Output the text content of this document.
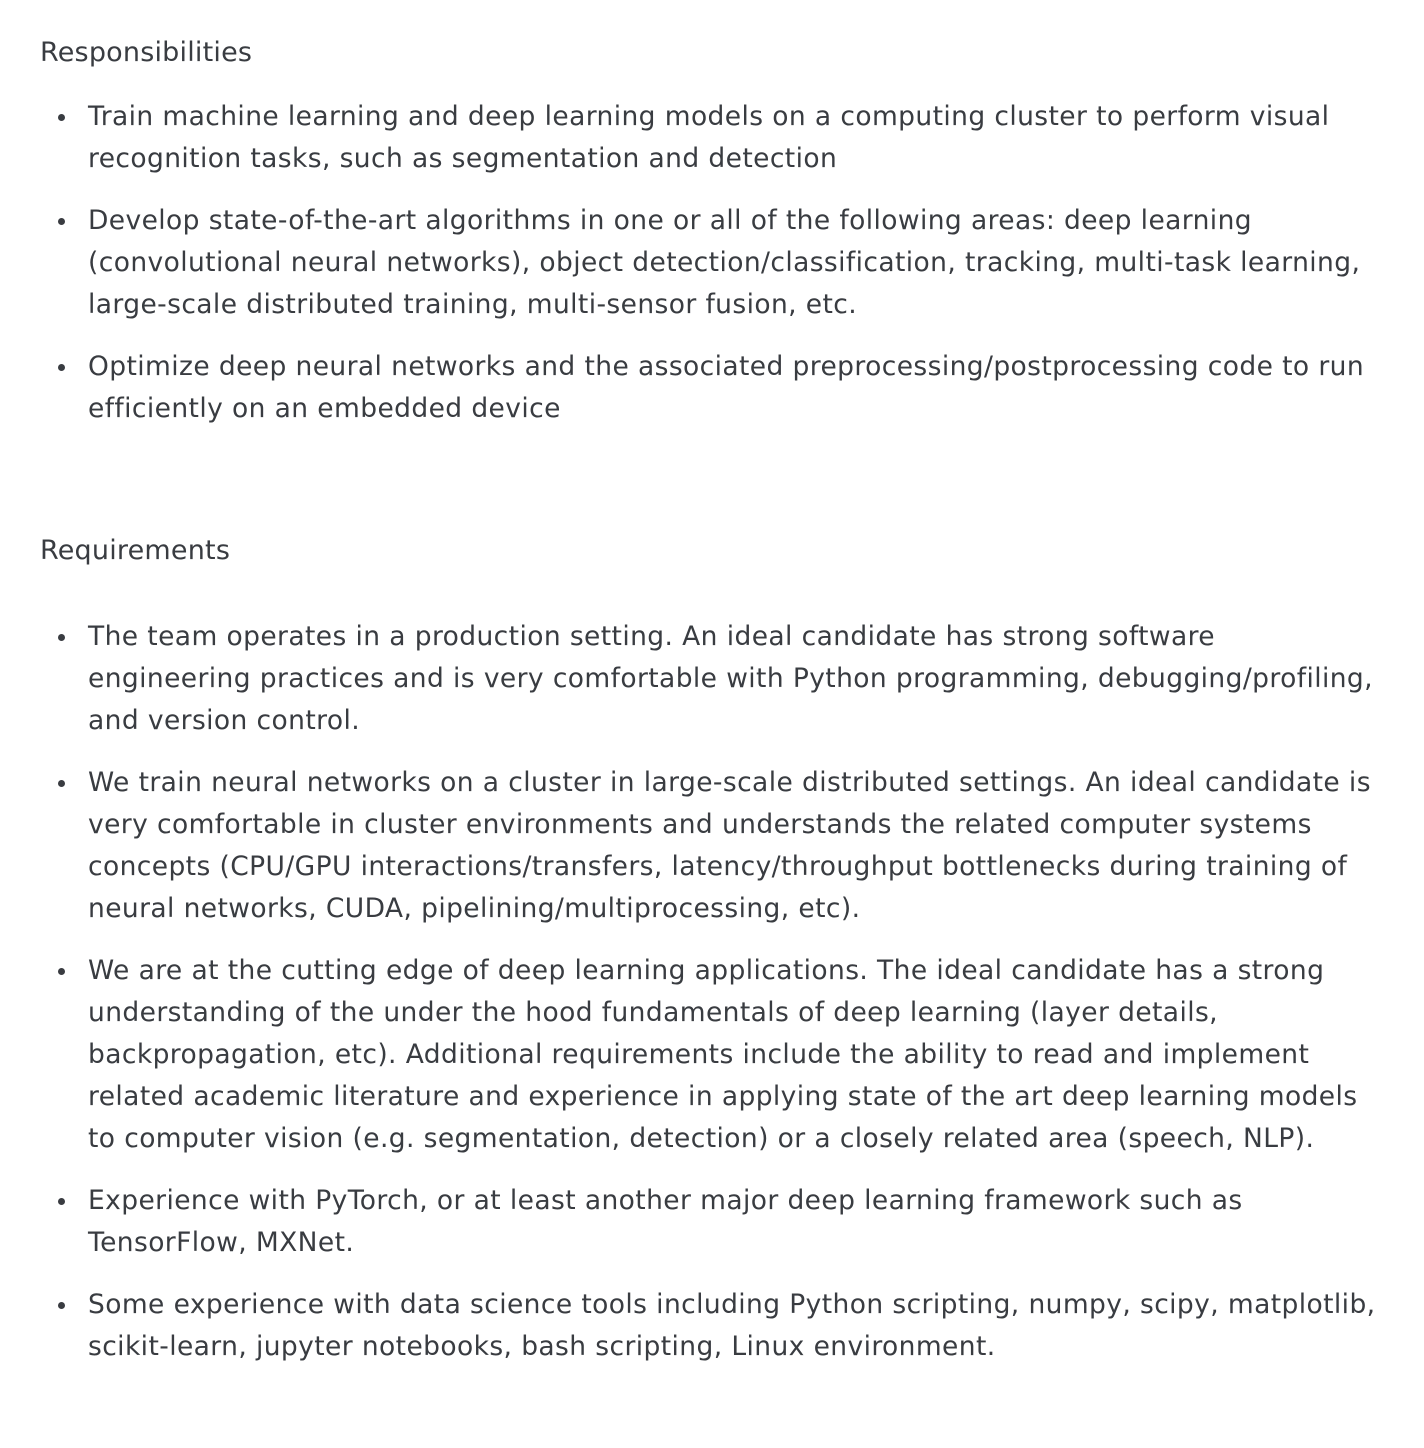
Responsibilities
Train machine learning and deep learning models on a computing cluster to perform visual recognition tasks, such as segmentation and detection
Develop state-of-the-art algorithms in one or all of the following areas: deep learning (convolutional neural networks), object detection/classification, tracking, multi-task learning, large-scale distributed training, multi-sensor fusion, etc.
Optimize deep neural networks and the associated preprocessing/postprocessing code to run efficiently on an embedded device
Requirements
The team operates in a production setting. An ideal candidate has strong software engineering practices and is very comfortable with Python programming, debugging/profiling, and version control.
We train neural networks on a cluster in large-scale distributed settings. An ideal candidate is very comfortable in cluster environments and understands the related computer systems concepts (CPU/GPU interactions/transfers, latency/throughput bottlenecks during training of neural networks, CUDA, pipelining/multiprocessing, etc).
We are at the cutting edge of deep learning applications. The ideal candidate has a strong understanding of the under the hood fundamentals of deep learning (layer details, backpropagation, etc). Additional requirements include the ability to read and implement related academic literature and experience in applying state of the art deep learning models to computer vision (e.g. segmentation, detection) or a closely related area (speech, NLP).
Experience with PyTorch, or at least another major deep learning framework such as TensorFlow, MXNet.
Some experience with data science tools including Python scripting, numpy, scipy, matplotlib, scikit-learn, jupyter notebooks, bash scripting, Linux environment.
